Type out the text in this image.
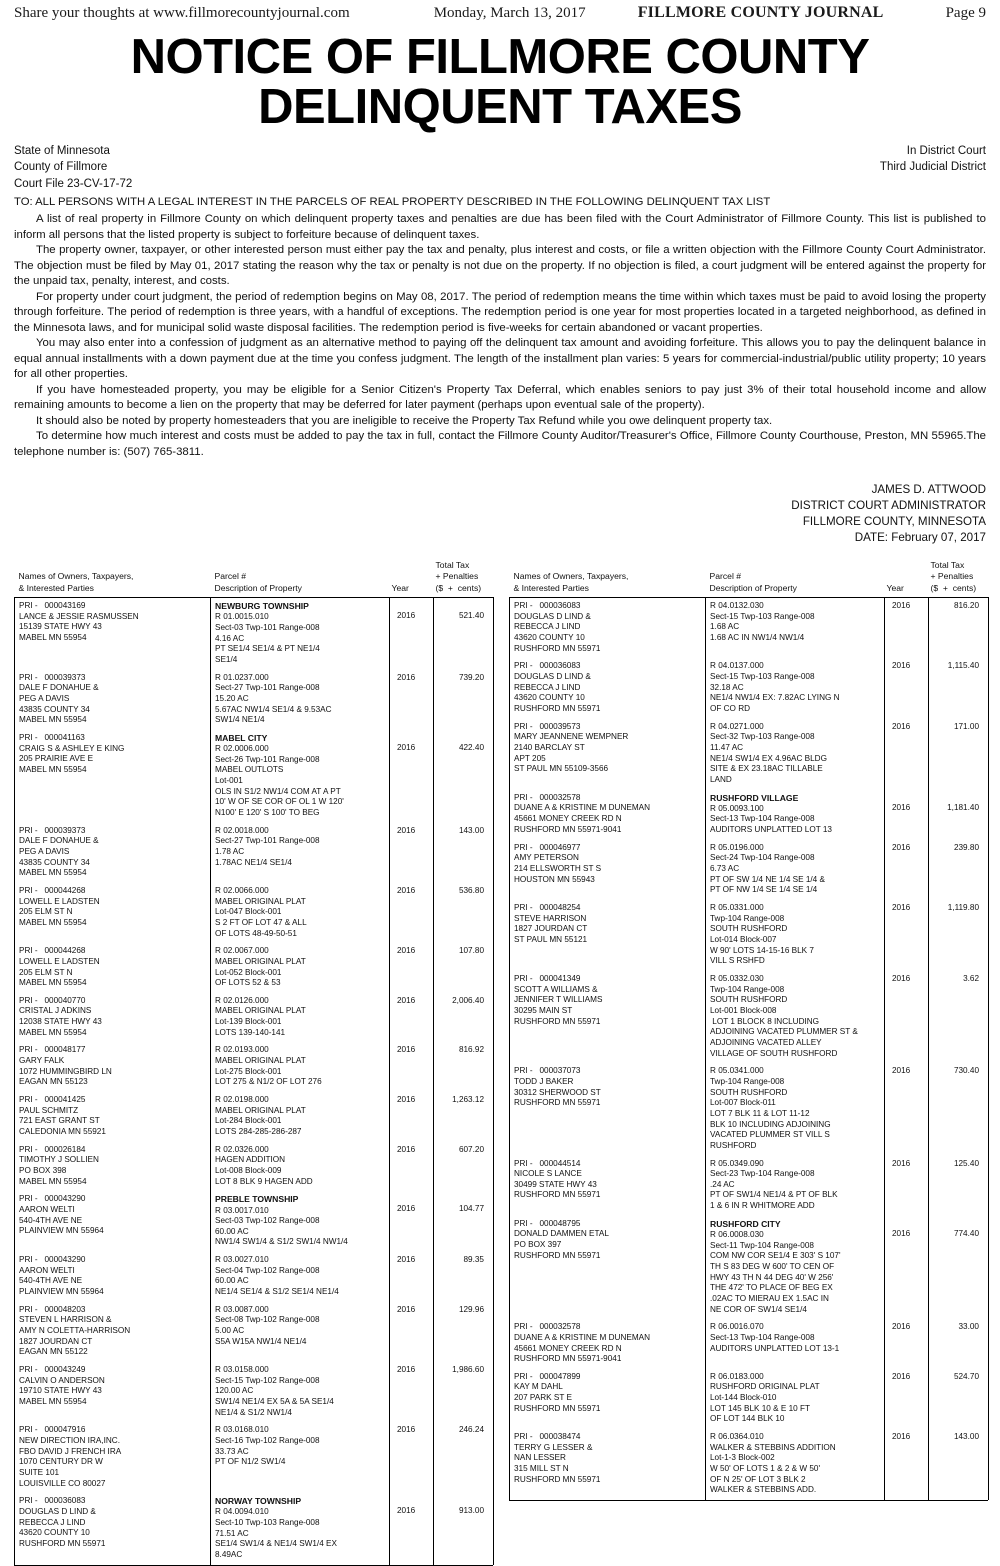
Share your thoughts at www.fillmorecountyjournal.com	Monday, March 13, 2017	FILLMORE COUNTY JOURNAL	Page 9
NOTICE OF FILLMORE COUNTY
DELINQUENT TAXES
State of Minnesota
County of Fillmore
Court File 23-CV-17-72
In District Court
Third Judicial District
TO: ALL PERSONS WITH A LEGAL INTEREST IN THE PARCELS OF REAL PROPERTY DESCRIBED IN THE FOLLOWING DELINQUENT TAX LIST

A list of real property in Fillmore County on which delinquent property taxes and penalties are due has been filed with the Court Administrator of Fillmore County. This list is published to inform all persons that the listed property is subject to forfeiture because of delinquent taxes.

The property owner, taxpayer, or other interested person must either pay the tax and penalty, plus interest and costs, or file a written objection with the Fillmore County Court Administrator. The objection must be filed by May 01, 2017 stating the reason why the tax or penalty is not due on the property. If no objection is filed, a court judgment will be entered against the property for the unpaid tax, penalty, interest, and costs.

For property under court judgment, the period of redemption begins on May 08, 2017. The period of redemption means the time within which taxes must be paid to avoid losing the property through forfeiture. The period of redemption is three years, with a handful of exceptions. The redemption period is one year for most properties located in a targeted neighborhood, as defined in the Minnesota laws, and for municipal solid waste disposal facilities. The redemption period is five-weeks for certain abandoned or vacant properties.

You may also enter into a confession of judgment as an alternative method to paying off the delinquent tax amount and avoiding forfeiture. This allows you to pay the delinquent balance in equal annual installments with a down payment due at the time you confess judgment. The length of the installment plan varies: 5 years for commercial-industrial/public utility property; 10 years for all other properties.

If you have homesteaded property, you may be eligible for a Senior Citizen's Property Tax Deferral, which enables seniors to pay just 3% of their total household income and allow remaining amounts to become a lien on the property that may be deferred for later payment (perhaps upon eventual sale of the property).

It should also be noted by property homesteaders that you are ineligible to receive the Property Tax Refund while you owe delinquent property tax.

To determine how much interest and costs must be added to pay the tax in full, contact the Fillmore County Auditor/Treasurer's Office, Fillmore County Courthouse, Preston, MN 55965.The telephone number is: (507) 765-3811.

JAMES D. ATTWOOD
DISTRICT COURT ADMINISTRATOR
FILLMORE COUNTY, MINNESOTA
DATE: February 07, 2017
Names of Owners, Taxpayers,
& Interested Parties	Parcel #
Description of Property	Year	Total Tax
+ Penalties
($  +  cents)

PRI -   000043169
LANCE & JESSIE RASMUSSEN
15139 STATE HWY 43
MABEL MN 55954

NEWBURG TOWNSHIP
R 01.0015.010
Sect-03 Twp-101 Range-008
4.16 AC
PT SE1/4 SE1/4 & PT NE1/4
SE1/4
	2016	521.40

PRI -   000039373
DALE F DONAHUE &
PEG A DAVIS
43835 COUNTY 34
MABEL MN 55954	R 01.0237.000
Sect-27 Twp-101 Range-008
15.20 AC
5.67AC NW1/4 SE1/4 & 9.53AC
SW1/4 NE1/4	2016	739.20

PRI -   000041163
CRAIG S & ASHLEY E KING
205 PRAIRIE AVE E
MABEL MN 55954

MABEL CITY
R 02.0006.000
Sect-26 Twp-101 Range-008
MABEL OUTLOTS
Lot-001
OLS IN S1/2 NW1/4 COM AT A PT
10' W OF SE COR OF OL 1 W 120'
N100' E 120' S 100' TO BEG
	2016	422.40

PRI -   000039373
DALE F DONAHUE &
PEG A DAVIS
43835 COUNTY 34
MABEL MN 55954	R 02.0018.000
Sect-27 Twp-101 Range-008
1.78 AC
1.78AC NE1/4 SE1/4	2016	143.00

PRI -   000044268
LOWELL E LADSTEN
205 ELM ST N
MABEL MN 55954	R 02.0066.000
MABEL ORIGINAL PLAT
Lot-047 Block-001
S 2 FT OF LOT 47 & ALL
OF LOTS 48-49-50-51	2016	536.80

PRI -   000044268
LOWELL E LADSTEN
205 ELM ST N
MABEL MN 55954	R 02.0067.000
MABEL ORIGINAL PLAT
Lot-052 Block-001
OF LOTS 52 & 53	2016	107.80

PRI -   000040770
CRISTAL J ADKINS
12038 STATE HWY 43
MABEL MN 55954	R 02.0126.000
MABEL ORIGINAL PLAT
Lot-139 Block-001
LOTS 139-140-141	2016	2,006.40

PRI -   000048177
GARY FALK
1072 HUMMINGBIRD LN
EAGAN MN 55123	R 02.0193.000
MABEL ORIGINAL PLAT
Lot-275 Block-001
LOT 275 & N1/2 OF LOT 276	2016	816.92

PRI -   000041425
PAUL SCHMITZ
721 EAST GRANT ST
CALEDONIA MN 55921	R 02.0198.000
MABEL ORIGINAL PLAT
Lot-284 Block-001
LOTS 284-285-286-287	2016	1,263.12

PRI -   000026184
TIMOTHY J SOLLIEN
PO BOX 398
MABEL MN 55954	R 02.0326.000
HAGEN ADDITION
Lot-008 Block-009
LOT 8 BLK 9 HAGEN ADD	2016	607.20

PRI -   000043290
AARON WELTI
540-4TH AVE NE
PLAINVIEW MN 55964	PREBLE TOWNSHIP
R 03.0017.010
Sect-03 Twp-102 Range-008
60.00 AC
NW1/4 SW1/4 & S1/2 SW1/4 NW1/4	2016	104.77

PRI -   000043290
AARON WELTI
540-4TH AVE NE
PLAINVIEW MN 55964	R 03.0027.010
Sect-04 Twp-102 Range-008
60.00 AC
NE1/4 SE1/4 & S1/2 SE1/4 NE1/4	2016	89.35

PRI -   000048203
STEVEN L HARRISON &
AMY N COLETTA-HARRISON
1827 JOURDAN CT
EAGAN MN 55122	R 03.0087.000
Sect-08 Twp-102 Range-008
5.00 AC
S5A W15A NW1/4 NE1/4	2016	129.96

PRI -   000043249
CALVIN O ANDERSON
19710 STATE HWY 43
MABEL MN 55954	R 03.0158.000
Sect-15 Twp-102 Range-008
120.00 AC
SW1/4 NE1/4 EX 5A & 5A SE1/4
NE1/4 & S1/2 NW1/4	2016	1,986.60

PRI -   000047916
NEW DIRECTION IRA,INC.
FBO DAVID J FRENCH IRA
1070 CENTURY DR W
SUITE 101
LOUISVILLE CO 80027

R 03.0168.010
Sect-16 Twp-102 Range-008
33.73 AC
PT OF N1/2 SW1/4
	2016	246.24

PRI -   000036083
DOUGLAS D LIND &
REBECCA J LIND
43620 COUNTY 10
RUSHFORD MN 55971

NORWAY TOWNSHIP
R 04.0094.010
Sect-10 Twp-103 Range-008
71.51 AC
SE1/4 SW1/4 & NE1/4 SW1/4 EX
8.49AC
	2016	913.00
Names of Owners, Taxpayers,
& Interested Parties	Parcel #
Description of Property	Year	Total Tax
+ Penalties
($  +  cents)

PRI -   000036083
DOUGLAS D LIND &
REBECCA J LIND
43620 COUNTY 10
RUSHFORD MN 55971	R 04.0132.030
Sect-15 Twp-103 Range-008
1.68 AC
1.68 AC IN NW1/4 NW1/4	2016	816.20

PRI -   000036083
DOUGLAS D LIND &
REBECCA J LIND
43620 COUNTY 10
RUSHFORD MN 55971	R 04.0137.000
Sect-15 Twp-103 Range-008
32.18 AC
NE1/4 NW1/4 EX: 7.82AC LYING N
OF CO RD	2016	1,115.40

PRI -   000039573
MARY JEANNENE WEMPNER
2140 BARCLAY ST
APT 205
ST PAUL MN 55109-3566

R 04.0271.000
Sect-32 Twp-103 Range-008
11.47 AC
NE1/4 SW1/4 EX 4.96AC BLDG
SITE & EX 23.18AC TILLABLE
LAND
	2016	171.00

PRI -   000032578
DUANE A & KRISTINE M DUNEMAN
45661 MONEY CREEK RD N
RUSHFORD MN 55971-9041	RUSHFORD VILLAGE
R 05.0093.100
Sect-13 Twp-104 Range-008
AUDITORS UNPLATTED LOT 13	2016	1,181.40

PRI -   000046977
AMY PETERSON
214 ELLSWORTH ST S
HOUSTON MN 55943	R 05.0196.000
Sect-24 Twp-104 Range-008
6.73 AC
PT OF SW 1/4 NE 1/4 SE 1/4 &
PT OF NW 1/4 SE 1/4 SE 1/4	2016	239.80

PRI -   000048254
STEVE HARRISON
1827 JOURDAN CT
ST PAUL MN 55121

R 05.0331.000
Twp-104 Range-008
SOUTH RUSHFORD
Lot-014 Block-007
W 90' LOTS 14-15-16 BLK 7
VILL S RSHFD
	2016	1,119.80

PRI -   000041349
SCOTT A WILLIAMS &
JENNIFER T WILLIAMS
30295 MAIN ST
RUSHFORD MN 55971

R 05.0332.030
Twp-104 Range-008
SOUTH RUSHFORD
Lot-001 Block-008
LOT 1 BLOCK 8 INCLUDING
ADJOINING VACATED PLUMMER ST &
ADJOINING VACATED ALLEY
VILLAGE OF SOUTH RUSHFORD
	2016	3.62

PRI -   000037073
TODD J BAKER
30312 SHERWOOD ST
RUSHFORD MN 55971

R 05.0341.000
Twp-104 Range-008
SOUTH RUSHFORD
Lot-007 Block-011
LOT 7 BLK 11 & LOT 11-12
BLK 10 INCLUDING ADJOINING
VACATED PLUMMER ST VILL S
RUSHFORD
	2016	730.40

PRI -   000044514
NICOLE S LANCE
30499 STATE HWY 43
RUSHFORD MN 55971	R 05.0349.090
Sect-23 Twp-104 Range-008
.24 AC
PT OF SW1/4 NE1/4 & PT OF BLK
1 & 6 IN R WHITMORE ADD	2016	125.40

PRI -   000048795
DONALD DAMMEN ETAL
PO BOX 397
RUSHFORD MN 55971

RUSHFORD CITY
R 06.0008.030
Sect-11 Twp-104 Range-008
COM NW COR SE1/4 E 303' S 107'
TH S 83 DEG W 600' TO CEN OF
HWY 43 TH N 44 DEG 40' W 256'
THE 472' TO PLACE OF BEG EX
.02AC TO MIERAU EX 1.5AC IN
NE COR OF SW1/4 SE1/4
	2016	774.40

PRI -   000032578
DUANE A & KRISTINE M DUNEMAN
45661 MONEY CREEK RD N
RUSHFORD MN 55971-9041	R 06.0016.070
Sect-13 Twp-104 Range-008
AUDITORS UNPLATTED LOT 13-1	2016	33.00

PRI -   000047899
KAY M DAHL
207 PARK ST E
RUSHFORD MN 55971	R 06.0183.000
RUSHFORD ORIGINAL PLAT
Lot-144 Block-010
LOT 145 BLK 10 & E 10 FT
OF LOT 144 BLK 10	2016	524.70

PRI -   000038474
TERRY G LESSER &
NAN LESSER
315 MILL ST N
RUSHFORD MN 55971

R 06.0364.010
WALKER & STEBBINS ADDITION
Lot-1-3 Block-002
W 50' OF LOTS 1 & 2 & W 50'
OF N 25' OF LOT 3 BLK 2
WALKER & STEBBINS ADD.
	2016	143.00
